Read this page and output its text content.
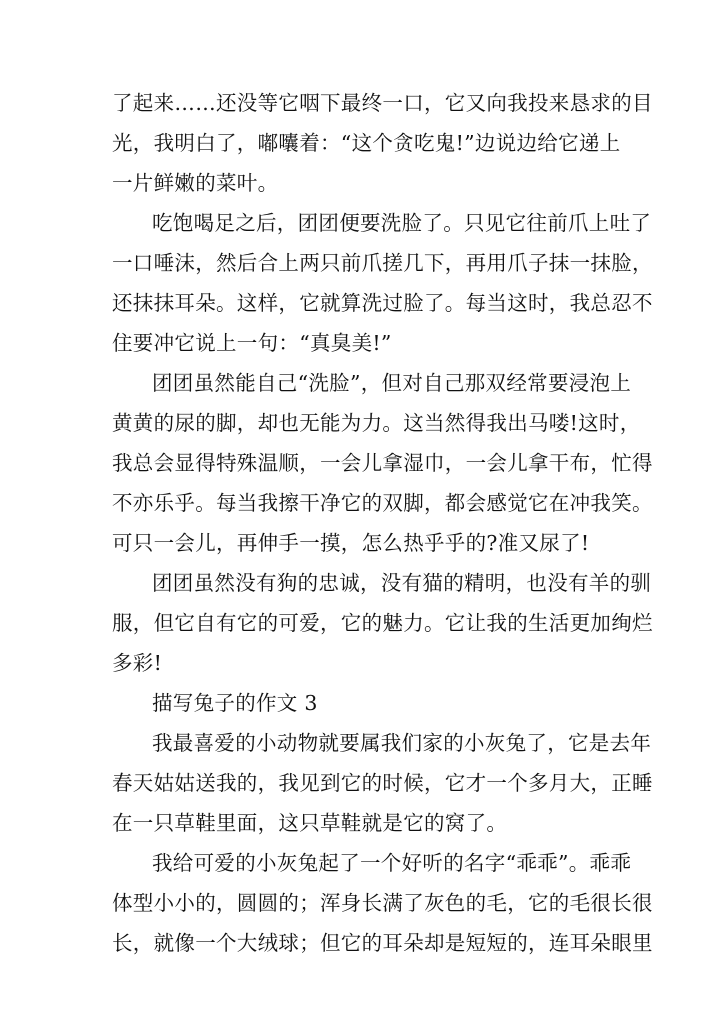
了起来……还没等它咽下最终一口，它又向我投来恳求的目
光，我明白了，嘟囔着：“这个贪吃鬼!”边说边给它递上
一片鲜嫩的菜叶。
吃饱喝足之后，团团便要洗脸了。只见它往前爪上吐了
一口唾沫，然后合上两只前爪搓几下，再用爪子抹一抹脸，
还抹抹耳朵。这样，它就算洗过脸了。每当这时，我总忍不
住要冲它说上一句：“真臭美!”
团团虽然能自己“洗脸”，但对自己那双经常要浸泡上
黄黄的尿的脚，却也无能为力。这当然得我出马喽!这时，
我总会显得特殊温顺，一会儿拿湿巾，一会儿拿干布，忙得
不亦乐乎。每当我擦干净它的双脚，都会感觉它在冲我笑。
可只一会儿，再伸手一摸，怎么热乎乎的?准又尿了!
团团虽然没有狗的忠诚，没有猫的精明，也没有羊的驯
服，但它自有它的可爱，它的魅力。它让我的生活更加绚烂
多彩!
描写兔子的作文 3
我最喜爱的小动物就要属我们家的小灰兔了，它是去年
春天姑姑送我的，我见到它的时候，它才一个多月大，正睡
在一只草鞋里面，这只草鞋就是它的窝了。
我给可爱的小灰兔起了一个好听的名字“乖乖”。乖乖
体型小小的，圆圆的；浑身长满了灰色的毛，它的毛很长很
长，就像一个大绒球；但它的耳朵却是短短的，连耳朵眼里
